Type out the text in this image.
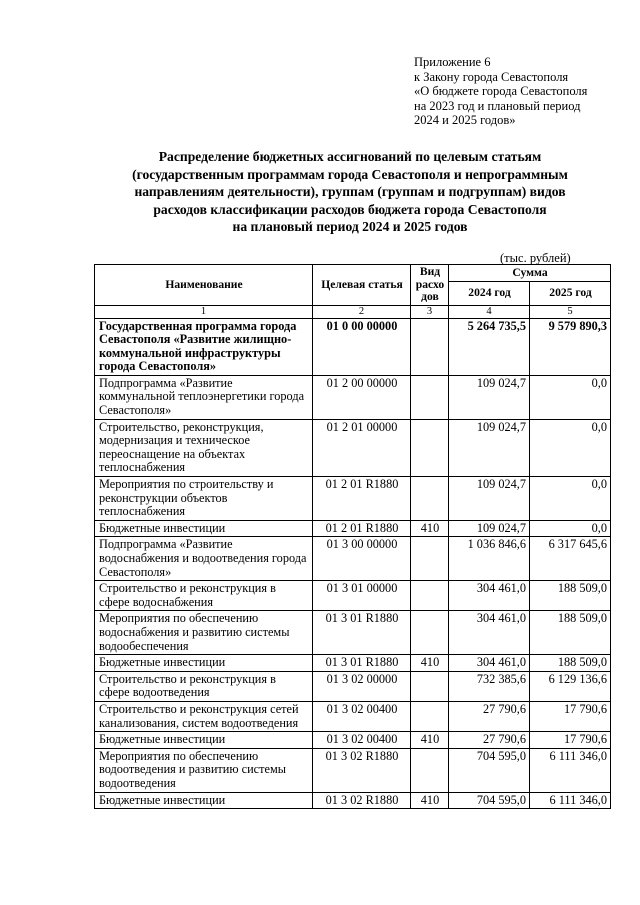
Приложение 6
к Закону города Севастополя
«О бюджете города Севастополя
на 2023 год и плановый период
2024 и 2025 годов»
Распределение бюджетных ассигнований по целевым статьям
(государственным программам города Севастополя и непрограммным
направлениям деятельности), группам (группам и подгруппам) видов
расходов классификации расходов бюджета города Севастополя
на плановый период 2024 и 2025 годов
(тыс. рублей)
Наименование	Целевая статья	Вид расхо дов	Сумма	
			2024 год	2025 год
1	2	3	4	5
Государственная программа города Севастополя «Развитие жилищно-коммунальной инфраструктуры города Севастополя»	01 0 00 00000		5 264 735,5	9 579 890,3
Подпрограмма «Развитие коммунальной теплоэнергетики города Севастополя»	01 2 00 00000		109 024,7	0,0
Строительство, реконструкция, модернизация и техническое переоснащение на объектах теплоснабжения	01 2 01 00000		109 024,7	0,0
Мероприятия по строительству и реконструкции объектов теплоснабжения	01 2 01 R1880		109 024,7	0,0
Бюджетные инвестиции	01 2 01 R1880	410	109 024,7	0,0
Подпрограмма «Развитие водоснабжения и водоотведения города Севастополя»	01 3 00 00000		1 036 846,6	6 317 645,6
Строительство и реконструкция в сфере водоснабжения	01 3 01 00000		304 461,0	188 509,0
Мероприятия по обеспечению водоснабжения и развитию системы водообеспечения	01 3 01 R1880		304 461,0	188 509,0
Бюджетные инвестиции	01 3 01 R1880	410	304 461,0	188 509,0
Строительство и реконструкция в сфере водоотведения	01 3 02 00000		732 385,6	6 129 136,6
Строительство и реконструкция сетей канализования, систем водоотведения	01 3 02 00400		27 790,6	17 790,6
Бюджетные инвестиции	01 3 02 00400	410	27 790,6	17 790,6
Мероприятия по обеспечению водоотведения и развитию системы водоотведения	01 3 02 R1880		704 595,0	6 111 346,0
Бюджетные инвестиции	01 3 02 R1880	410	704 595,0	6 111 346,0
